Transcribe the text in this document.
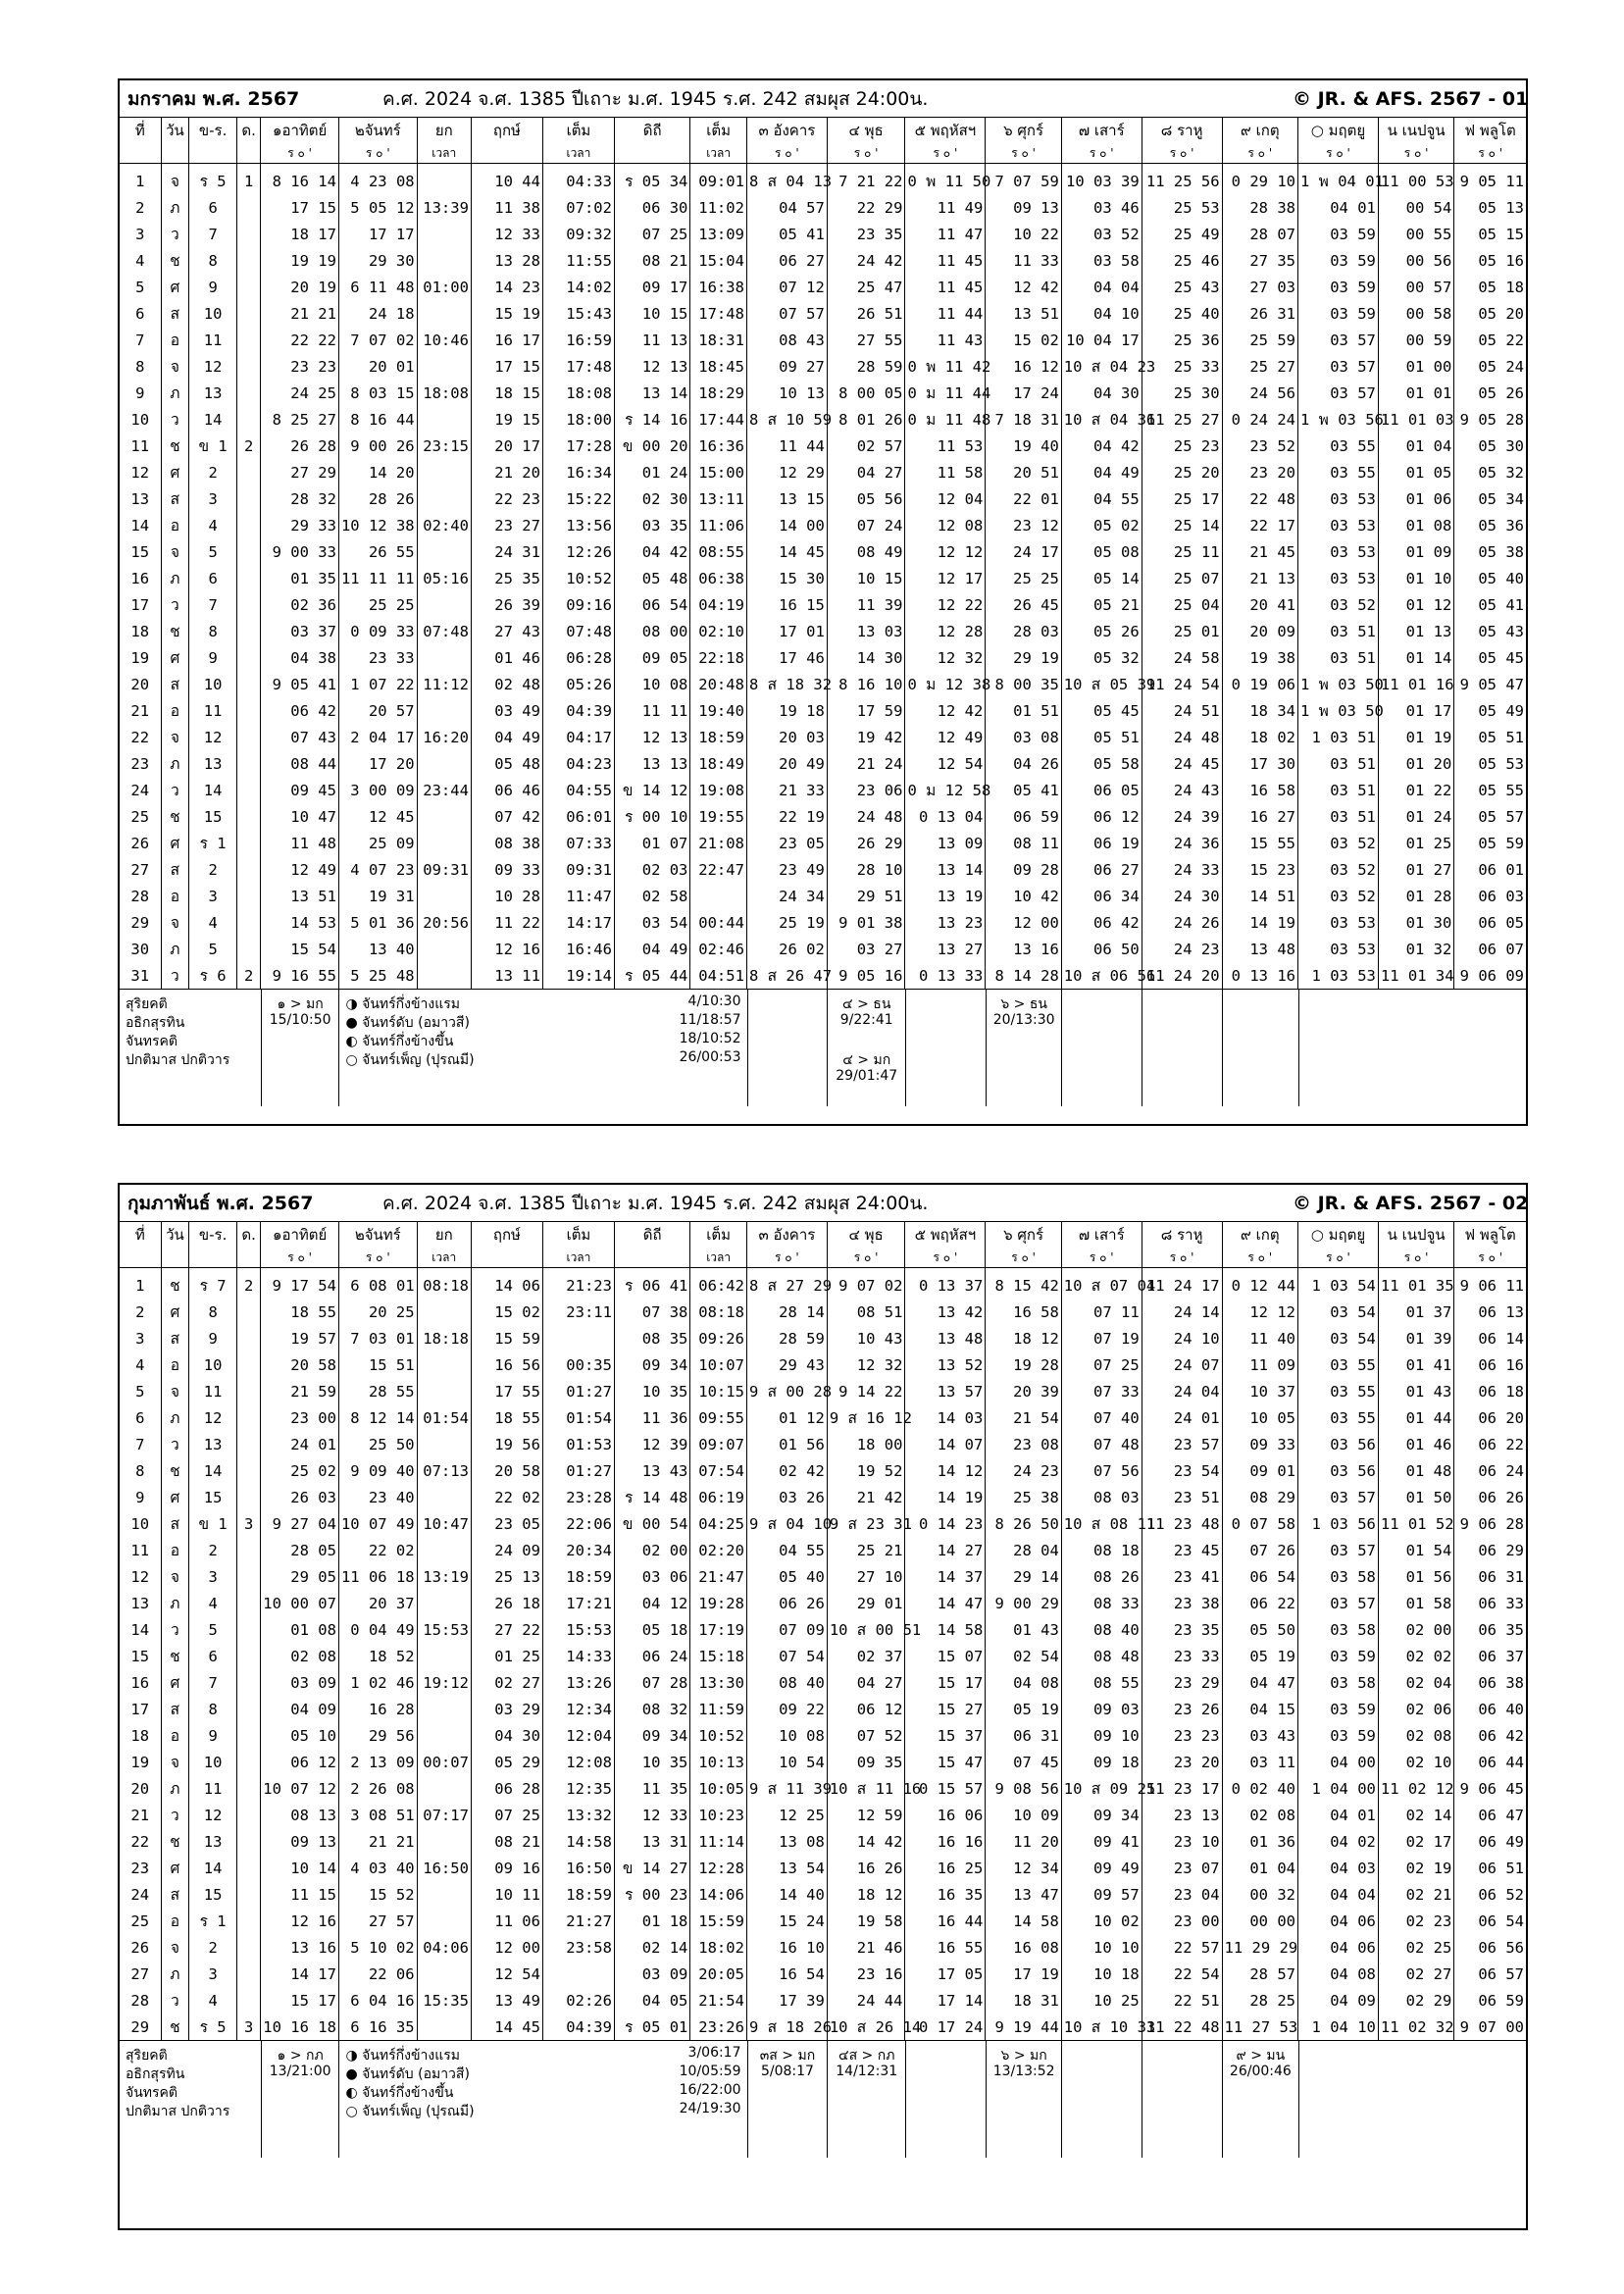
มกราคม พ.ศ. 2567	ค.ศ. 2024 จ.ศ. 1385 ปีเถาะ ม.ศ. 1945 ร.ศ. 242 สมผุส 24:00น.	© JR. & AFS. 2567 - 01
ที่	วัน	ข-ร.	ด.	๑อาทิตย์	๒จันทร์	ยก	ฤกษ์	เต็ม	ดิถี	เต็ม	๓ อังคาร	๔ พุธ	๕ พฤหัสฯ	๖ ศุกร์	๗ เสาร์	๘ ราหู	๙ เกตุ	○ มฤตยู	น เนปจูน	ฟ พลูโต
				ร ๐ '	ร ๐ '	เวลา		เวลา		เวลา	ร ๐ '	ร ๐ '	ร ๐ '	ร ๐ '	ร ๐ '	ร ๐ '	ร ๐ '	ร ๐ '	ร ๐ '	ร ๐ '
1	จ	ร 5	1	8 16 14	4 23 08		10 44	04:33	ร 05 34	09:01	8 ส 04 13	7 21 22	0 พ 11 50	7 07 59	10 03 39	11 25 56	0 29 10	1 พ 04 01	11 00 53	9 05 11
2	ภ	6		17 15	5 05 12	13:39	11 38	07:02	06 30	11:02	04 57	22 29	11 49	09 13	03 46	25 53	28 38	04 01	00 54	05 13
3	ว	7		18 17	17 17		12 33	09:32	07 25	13:09	05 41	23 35	11 47	10 22	03 52	25 49	28 07	03 59	00 55	05 15
4	ช	8		19 19	29 30		13 28	11:55	08 21	15:04	06 27	24 42	11 45	11 33	03 58	25 46	27 35	03 59	00 56	05 16
5	ศ	9		20 19	6 11 48	01:00	14 23	14:02	09 17	16:38	07 12	25 47	11 45	12 42	04 04	25 43	27 03	03 59	00 57	05 18
6	ส	10		21 21	24 18		15 19	15:43	10 15	17:48	07 57	26 51	11 44	13 51	04 10	25 40	26 31	03 59	00 58	05 20
7	อ	11		22 22	7 07 02	10:46	16 17	16:59	11 13	18:31	08 43	27 55	11 43	15 02	10 04 17	25 36	25 59	03 57	00 59	05 22
8	จ	12		23 23	20 01		17 15	17:48	12 13	18:45	09 27	28 59	0 พ 11 42	16 12	10 ส 04 23	25 33	25 27	03 57	01 00	05 24
9	ภ	13		24 25	8 03 15	18:08	18 15	18:08	13 14	18:29	10 13	8 00 05	0 ม 11 44	17 24	04 30	25 30	24 56	03 57	01 01	05 26
10	ว	14		8 25 27	8 16 44		19 15	18:00	ร 14 16	17:44	8 ส 10 59	8 01 26	0 ม 11 48	7 18 31	10 ส 04 36	11 25 27	0 24 24	1 พ 03 56	11 01 03	9 05 28
11	ช	ข 1	2	26 28	9 00 26	23:15	20 17	17:28	ข 00 20	16:36	11 44	02 57	11 53	19 40	04 42	25 23	23 52	03 55	01 04	05 30
12	ศ	2		27 29	14 20		21 20	16:34	01 24	15:00	12 29	04 27	11 58	20 51	04 49	25 20	23 20	03 55	01 05	05 32
13	ส	3		28 32	28 26		22 23	15:22	02 30	13:11	13 15	05 56	12 04	22 01	04 55	25 17	22 48	03 53	01 06	05 34
14	อ	4		29 33	10 12 38	02:40	23 27	13:56	03 35	11:06	14 00	07 24	12 08	23 12	05 02	25 14	22 17	03 53	01 08	05 36
15	จ	5		9 00 33	26 55		24 31	12:26	04 42	08:55	14 45	08 49	12 12	24 17	05 08	25 11	21 45	03 53	01 09	05 38
16	ภ	6		01 35	11 11 11	05:16	25 35	10:52	05 48	06:38	15 30	10 15	12 17	25 25	05 14	25 07	21 13	03 53	01 10	05 40
17	ว	7		02 36	25 25		26 39	09:16	06 54	04:19	16 15	11 39	12 22	26 45	05 21	25 04	20 41	03 52	01 12	05 41
18	ช	8		03 37	0 09 33	07:48	27 43	07:48	08 00	02:10	17 01	13 03	12 28	28 03	05 26	25 01	20 09	03 51	01 13	05 43
19	ศ	9		04 38	23 33		01 46	06:28	09 05	22:18	17 46	14 30	12 32	29 19	05 32	24 58	19 38	03 51	01 14	05 45
20	ส	10		9 05 41	1 07 22	11:12	02 48	05:26	10 08	20:48	8 ส 18 32	8 16 10	0 ม 12 38	8 00 35	10 ส 05 39	11 24 54	0 19 06	1 พ 03 50	11 01 16	9 05 47
21	อ	11		06 42	20 57		03 49	04:39	11 11	19:40	19 18	17 59	12 42	01 51	05 45	24 51	18 34	1 พ 03 50	01 17	05 49
22	จ	12		07 43	2 04 17	16:20	04 49	04:17	12 13	18:59	20 03	19 42	12 49	03 08	05 51	24 48	18 02	1 03 51	01 19	05 51
23	ภ	13		08 44	17 20		05 48	04:23	13 13	18:49	20 49	21 24	12 54	04 26	05 58	24 45	17 30	03 51	01 20	05 53
24	ว	14		09 45	3 00 09	23:44	06 46	04:55	ข 14 12	19:08	21 33	23 06	0 ม 12 58	05 41	06 05	24 43	16 58	03 51	01 22	05 55
25	ช	15		10 47	12 45		07 42	06:01	ร 00 10	19:55	22 19	24 48	0 13 04	06 59	06 12	24 39	16 27	03 51	01 24	05 57
26	ศ	ร 1		11 48	25 09		08 38	07:33	01 07	21:08	23 05	26 29	13 09	08 11	06 19	24 36	15 55	03 52	01 25	05 59
27	ส	2		12 49	4 07 23	09:31	09 33	09:31	02 03	22:47	23 49	28 10	13 14	09 28	06 27	24 33	15 23	03 52	01 27	06 01
28	อ	3		13 51	19 31		10 28	11:47	02 58		24 34	29 51	13 19	10 42	06 34	24 30	14 51	03 52	01 28	06 03
29	จ	4		14 53	5 01 36	20:56	11 22	14:17	03 54	00:44	25 19	9 01 38	13 23	12 00	06 42	24 26	14 19	03 53	01 30	06 05
30	ภ	5		15 54	13 40		12 16	16:46	04 49	02:46	26 02	03 27	13 27	13 16	06 50	24 23	13 48	03 53	01 32	06 07
31	ว	ร 6	2	9 16 55	5 25 48		13 11	19:14	ร 05 44	04:51	8 ส 26 47	9 05 16	0 13 33	8 14 28	10 ส 06 56	11 24 20	0 13 16	1 03 53	11 01 34	9 06 09
สุริยคติ
อธิกสุรทิน
จันทรคติ
ปกติมาส ปกติวาร
๑ > มก
15/10:50
◑ จันทร์กึ่งข้างแรม	4/10:30
● จันทร์ดับ (อมาวสี)	11/18:57
◐ จันทร์กึ่งข้างขึ้น	18/10:52
○ จันทร์เพ็ญ (ปุรณมี)	26/00:53
๔ > ธน
9/22:41
๔ > มก
29/01:47
๖ > ธน
20/13:30
กุมภาพันธ์ พ.ศ. 2567	ค.ศ. 2024 จ.ศ. 1385 ปีเถาะ ม.ศ. 1945 ร.ศ. 242 สมผุส 24:00น.	© JR. & AFS. 2567 - 02
ที่	วัน	ข-ร.	ด.	๑อาทิตย์	๒จันทร์	ยก	ฤกษ์	เต็ม	ดิถี	เต็ม	๓ อังคาร	๔ พุธ	๕ พฤหัสฯ	๖ ศุกร์	๗ เสาร์	๘ ราหู	๙ เกตุ	○ มฤตยู	น เนปจูน	ฟ พลูโต
				ร ๐ '	ร ๐ '	เวลา		เวลา		เวลา	ร ๐ '	ร ๐ '	ร ๐ '	ร ๐ '	ร ๐ '	ร ๐ '	ร ๐ '	ร ๐ '	ร ๐ '	ร ๐ '
1	ช	ร 7	2	9 17 54	6 08 01	08:18	14 06	21:23	ร 06 41	06:42	8 ส 27 29	9 07 02	0 13 37	8 15 42	10 ส 07 04	11 24 17	0 12 44	1 03 54	11 01 35	9 06 11
2	ศ	8		18 55	20 25		15 02	23:11	07 38	08:18	28 14	08 51	13 42	16 58	07 11	24 14	12 12	03 54	01 37	06 13
3	ส	9		19 57	7 03 01	18:18	15 59		08 35	09:26	28 59	10 43	13 48	18 12	07 19	24 10	11 40	03 54	01 39	06 14
4	อ	10		20 58	15 51		16 56	00:35	09 34	10:07	29 43	12 32	13 52	19 28	07 25	24 07	11 09	03 55	01 41	06 16
5	จ	11		21 59	28 55		17 55	01:27	10 35	10:15	9 ส 00 28	9 14 22	13 57	20 39	07 33	24 04	10 37	03 55	01 43	06 18
6	ภ	12		23 00	8 12 14	01:54	18 55	01:54	11 36	09:55	01 12	9 ส 16 12	14 03	21 54	07 40	24 01	10 05	03 55	01 44	06 20
7	ว	13		24 01	25 50		19 56	01:53	12 39	09:07	01 56	18 00	14 07	23 08	07 48	23 57	09 33	03 56	01 46	06 22
8	ช	14		25 02	9 09 40	07:13	20 58	01:27	13 43	07:54	02 42	19 52	14 12	24 23	07 56	23 54	09 01	03 56	01 48	06 24
9	ศ	15		26 03	23 40		22 02	23:28	ร 14 48	06:19	03 26	21 42	14 19	25 38	08 03	23 51	08 29	03 57	01 50	06 26
10	ส	ข 1	3	9 27 04	10 07 49	10:47	23 05	22:06	ข 00 54	04:25	9 ส 04 10	9 ส 23 31	0 14 23	8 26 50	10 ส 08 11	11 23 48	0 07 58	1 03 56	11 01 52	9 06 28
11	อ	2		28 05	22 02		24 09	20:34	02 00	02:20	04 55	25 21	14 27	28 04	08 18	23 45	07 26	03 57	01 54	06 29
12	จ	3		29 05	11 06 18	13:19	25 13	18:59	03 06	21:47	05 40	27 10	14 37	29 14	08 26	23 41	06 54	03 58	01 56	06 31
13	ภ	4		10 00 07	20 37		26 18	17:21	04 12	19:28	06 26	29 01	14 47	9 00 29	08 33	23 38	06 22	03 57	01 58	06 33
14	ว	5		01 08	0 04 49	15:53	27 22	15:53	05 18	17:19	07 09	10 ส 00 51	14 58	01 43	08 40	23 35	05 50	03 58	02 00	06 35
15	ช	6		02 08	18 52		01 25	14:33	06 24	15:18	07 54	02 37	15 07	02 54	08 48	23 33	05 19	03 59	02 02	06 37
16	ศ	7		03 09	1 02 46	19:12	02 27	13:26	07 28	13:30	08 40	04 27	15 17	04 08	08 55	23 29	04 47	03 58	02 04	06 38
17	ส	8		04 09	16 28		03 29	12:34	08 32	11:59	09 22	06 12	15 27	05 19	09 03	23 26	04 15	03 59	02 06	06 40
18	อ	9		05 10	29 56		04 30	12:04	09 34	10:52	10 08	07 52	15 37	06 31	09 10	23 23	03 43	03 59	02 08	06 42
19	จ	10		06 12	2 13 09	00:07	05 29	12:08	10 35	10:13	10 54	09 35	15 47	07 45	09 18	23 20	03 11	04 00	02 10	06 44
20	ภ	11		10 07 12	2 26 08		06 28	12:35	11 35	10:05	9 ส 11 39	10 ส 11 16	0 15 57	9 08 56	10 ส 09 25	11 23 17	0 02 40	1 04 00	11 02 12	9 06 45
21	ว	12		08 13	3 08 51	07:17	07 25	13:32	12 33	10:23	12 25	12 59	16 06	10 09	09 34	23 13	02 08	04 01	02 14	06 47
22	ช	13		09 13	21 21		08 21	14:58	13 31	11:14	13 08	14 42	16 16	11 20	09 41	23 10	01 36	04 02	02 17	06 49
23	ศ	14		10 14	4 03 40	16:50	09 16	16:50	ข 14 27	12:28	13 54	16 26	16 25	12 34	09 49	23 07	01 04	04 03	02 19	06 51
24	ส	15		11 15	15 52		10 11	18:59	ร 00 23	14:06	14 40	18 12	16 35	13 47	09 57	23 04	00 32	04 04	02 21	06 52
25	อ	ร 1		12 16	27 57		11 06	21:27	01 18	15:59	15 24	19 58	16 44	14 58	10 02	23 00	00 00	04 06	02 23	06 54
26	จ	2		13 16	5 10 02	04:06	12 00	23:58	02 14	18:02	16 10	21 46	16 55	16 08	10 10	22 57	11 29 29	04 06	02 25	06 56
27	ภ	3		14 17	22 06		12 54		03 09	20:05	16 54	23 16	17 05	17 19	10 18	22 54	28 57	04 08	02 27	06 57
28	ว	4		15 17	6 04 16	15:35	13 49	02:26	04 05	21:54	17 39	24 44	17 14	18 31	10 25	22 51	28 25	04 09	02 29	06 59
29	ช	ร 5	3	10 16 18	6 16 35		14 45	04:39	ร 05 01	23:26	9 ส 18 26	10 ส 26 14	0 17 24	9 19 44	10 ส 10 33	11 22 48	11 27 53	1 04 10	11 02 32	9 07 00
สุริยคติ
อธิกสุรทิน
จันทรคติ
ปกติมาส ปกติวาร
๑ > กภ
13/21:00
◑ จันทร์กึ่งข้างแรม	3/06:17
● จันทร์ดับ (อมาวสี)	10/05:59
◐ จันทร์กึ่งข้างขึ้น	16/22:00
○ จันทร์เพ็ญ (ปุรณมี)	24/19:30
๓ส > มก
5/08:17
๔ส > กภ
14/12:31
๖ > มก
13/13:52
๙ > มน
26/00:46
